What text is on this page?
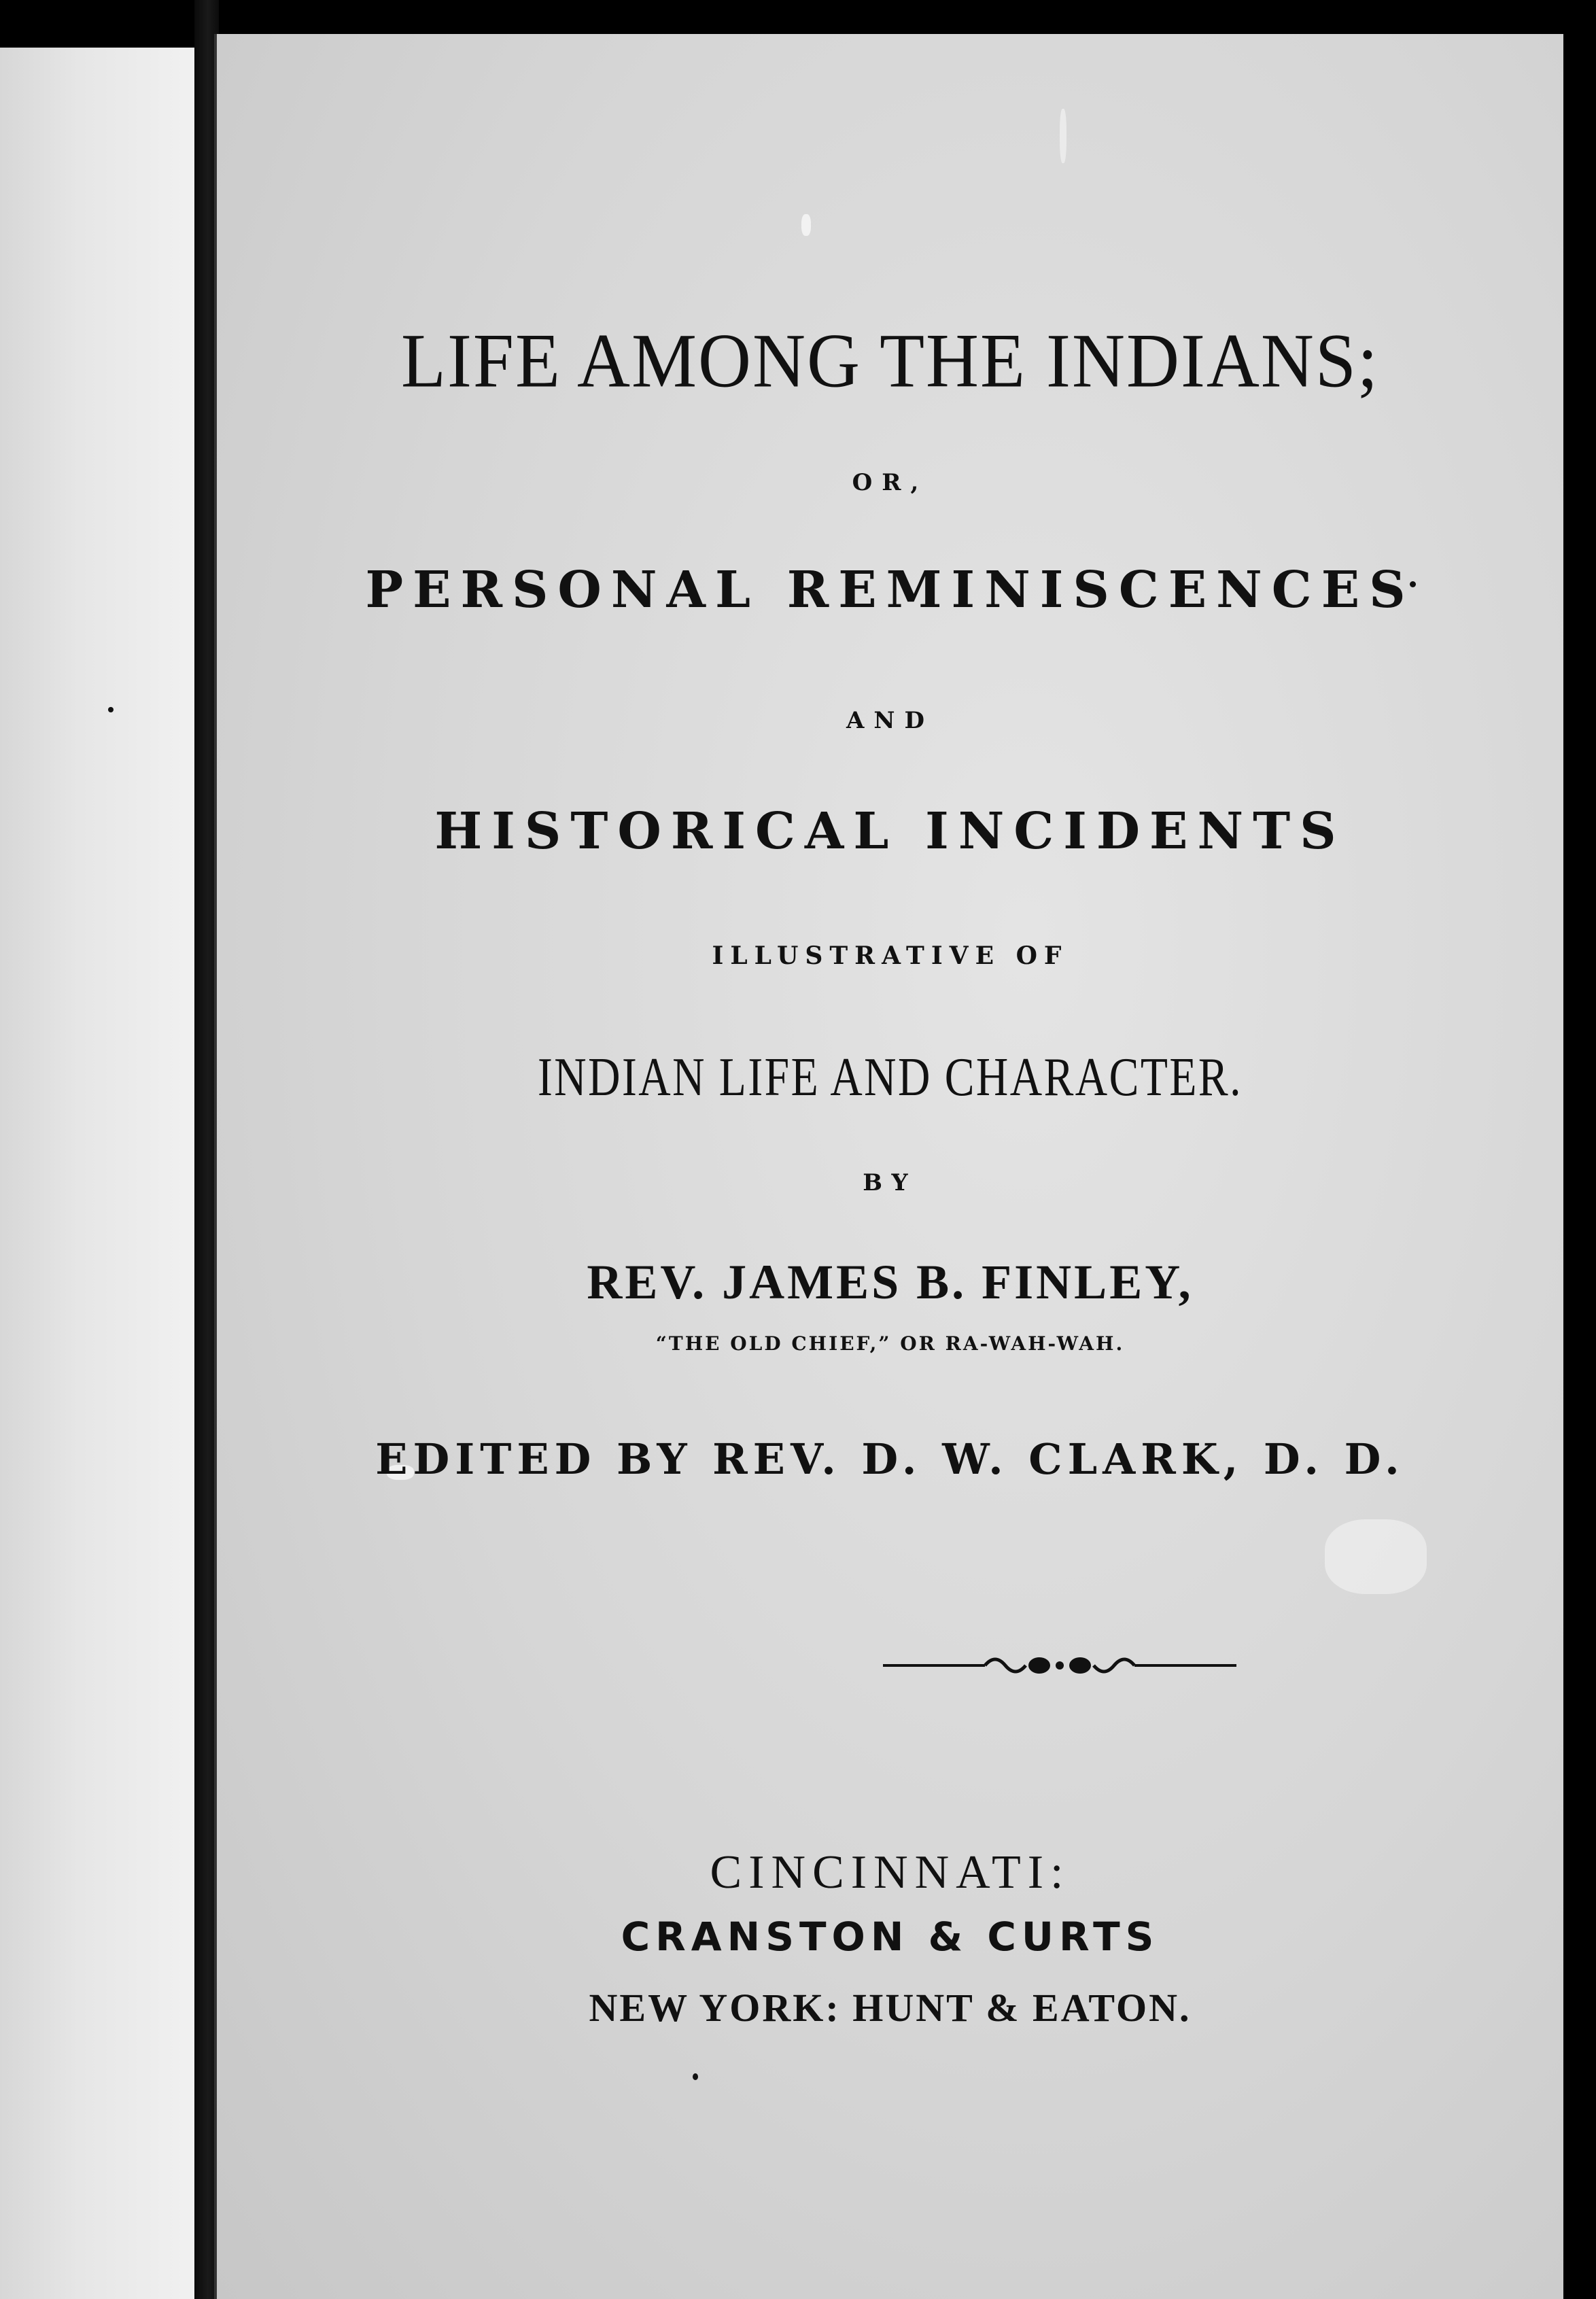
LIFE AMONG THE INDIANS;
OR,
PERSONAL REMINISCENCES
AND
HISTORICAL INCIDENTS
ILLUSTRATIVE OF
INDIAN LIFE AND CHARACTER.
BY
REV. JAMES B. FINLEY,
“THE OLD CHIEF,” OR RA-WAH-WAH.
EDITED BY REV. D. W. CLARK, D. D.
CINCINNATI:
CRANSTON & CURTS
NEW YORK: HUNT & EATON.
